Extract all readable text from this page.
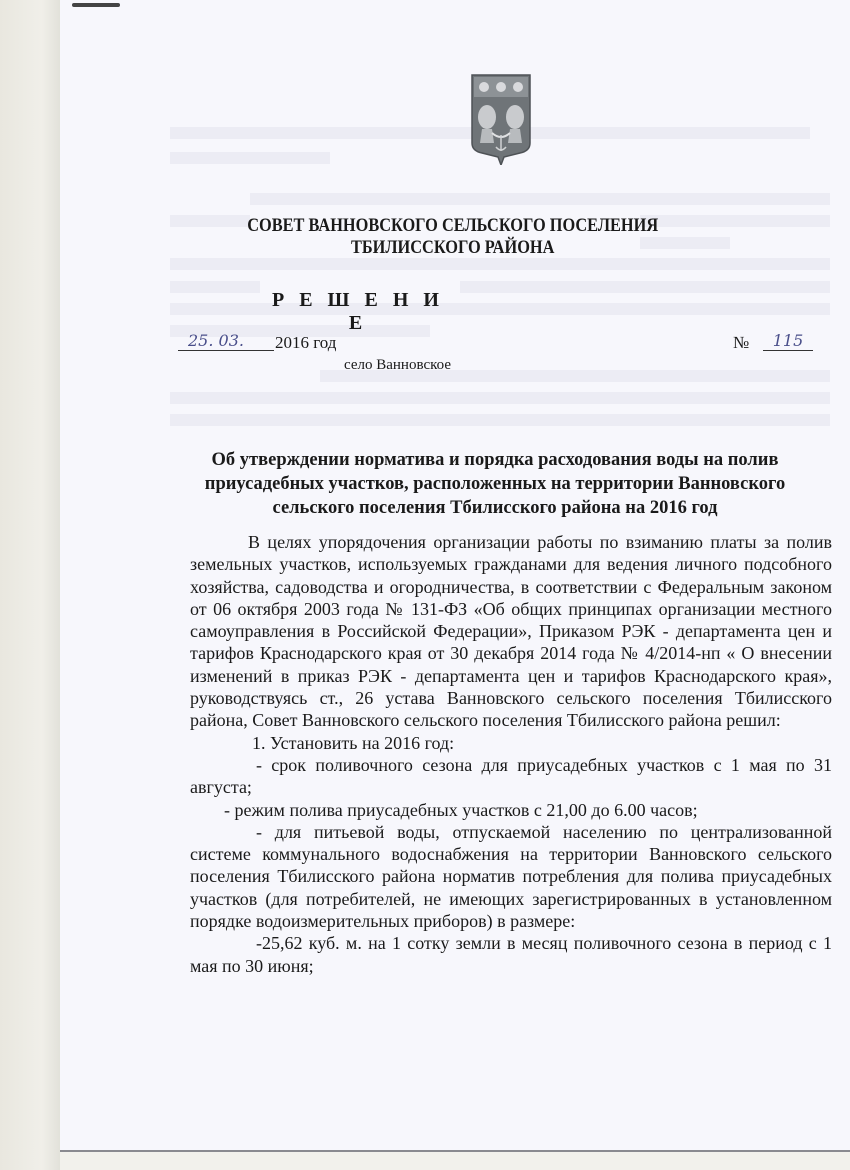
СОВЕТ ВАННОВСКОГО СЕЛЬСКОГО ПОСЕЛЕНИЯ
ТБИЛИССКОГО РАЙОНА
Р Е Ш Е Н И Е
25. 03.	2016 год	№	115
село Ванновское
Об утверждении норматива и порядка расходования воды на полив
приусадебных участков, расположенных на территории Ванновского
сельского поселения Тбилисского района на 2016 год

В целях упорядочения организации работы по взиманию платы за полив земельных участков, используемых гражданами для ведения личного подсобного хозяйства, садоводства и огородничества, в соответствии с Федеральным законом от 06 октября 2003 года № 131-ФЗ «Об общих принципах организации местного самоуправления в Российской Федерации», Приказом РЭК - департамента цен и тарифов Краснодарского края от 30 декабря 2014 года № 4/2014-нп « О внесении изменений в приказ РЭК - департамента цен и тарифов Краснодарского края», руководствуясь ст., 26 устава Ванновского сельского поселения Тбилисского района, Совет Ванновского сельского поселения Тбилисского района решил:

1. Установить на 2016 год:

- срок поливочного сезона для приусадебных участков с 1 мая по 31 августа;

- режим полива приусадебных участков с 21,00 до 6.00 часов;

- для питьевой воды, отпускаемой населению по централизованной системе коммунального водоснабжения на территории Ванновского сельского поселения Тбилисского района норматив потребления для полива приусадебных участков (для потребителей, не имеющих зарегистрированных в установленном порядке водоизмерительных приборов) в размере:

-25,62 куб. м. на 1 сотку земли в месяц поливочного сезона в период с 1 мая по 30 июня;
